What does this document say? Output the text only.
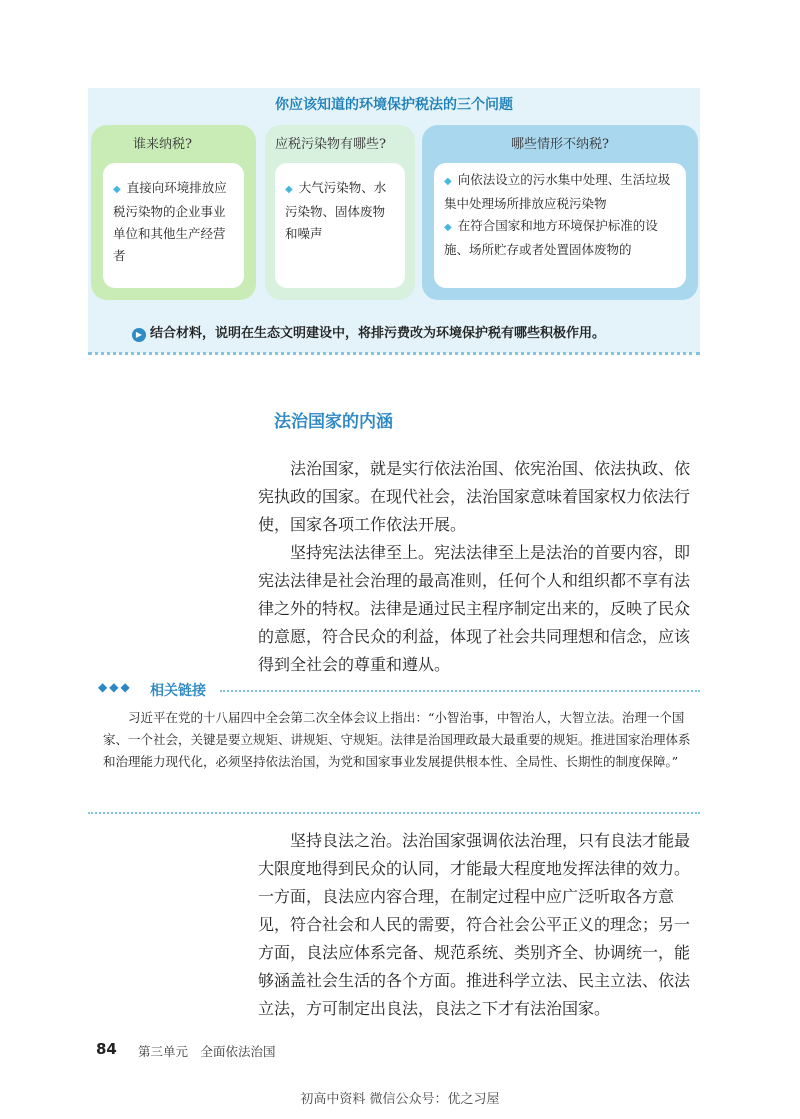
你应该知道的环境保护税法的三个问题
谁来纳税?

◆ 直接向环境排放应税污染物的企业事业单位和其他生产经营者

应税污染物有哪些?

◆ 大气污染物、水污染物、固体废物和噪声

哪些情形不纳税?

◆ 向依法设立的污水集中处理、生活垃圾集中处理场所排放应税污染物

◆ 在符合国家和地方环境保护标准的设施、场所贮存或者处置固体废物的

▶ 结合材料，说明在生态文明建设中，将排污费改为环境保护税有哪些积极作用。
法治国家的内涵

法治国家，就是实行依法治国、依宪治国、依法执政、依宪执政的国家。在现代社会，法治国家意味着国家权力依法行使，国家各项工作依法开展。

坚持宪法法律至上。宪法法律至上是法治的首要内容，即宪法法律是社会治理的最高准则，任何个人和组织都不享有法律之外的特权。法律是通过民主程序制定出来的，反映了民众的意愿，符合民众的利益，体现了社会共同理想和信念，应该得到全社会的尊重和遵从。

◆◆◆ 相关链接

习近平在党的十八届四中全会第二次全体会议上指出：“小智治事，中智治人，大智立法。治理一个国家、一个社会，关键是要立规矩、讲规矩、守规矩。法律是治国理政最大最重要的规矩。推进国家治理体系和治理能力现代化，必须坚持依法治国，为党和国家事业发展提供根本性、全局性、长期性的制度保障。”

坚持良法之治。法治国家强调依法治理，只有良法才能最大限度地得到民众的认同，才能最大程度地发挥法律的效力。一方面，良法应内容合理，在制定过程中应广泛听取各方意见，符合社会和人民的需要，符合社会公平正义的理念；另一方面，良法应体系完备、规范系统、类别齐全、协调统一，能够涵盖社会生活的各个方面。推进科学立法、民主立法、依法立法，方可制定出良法，良法之下才有法治国家。

84 第三单元　全面依法治国
初高中资料 微信公众号：优之习屋
